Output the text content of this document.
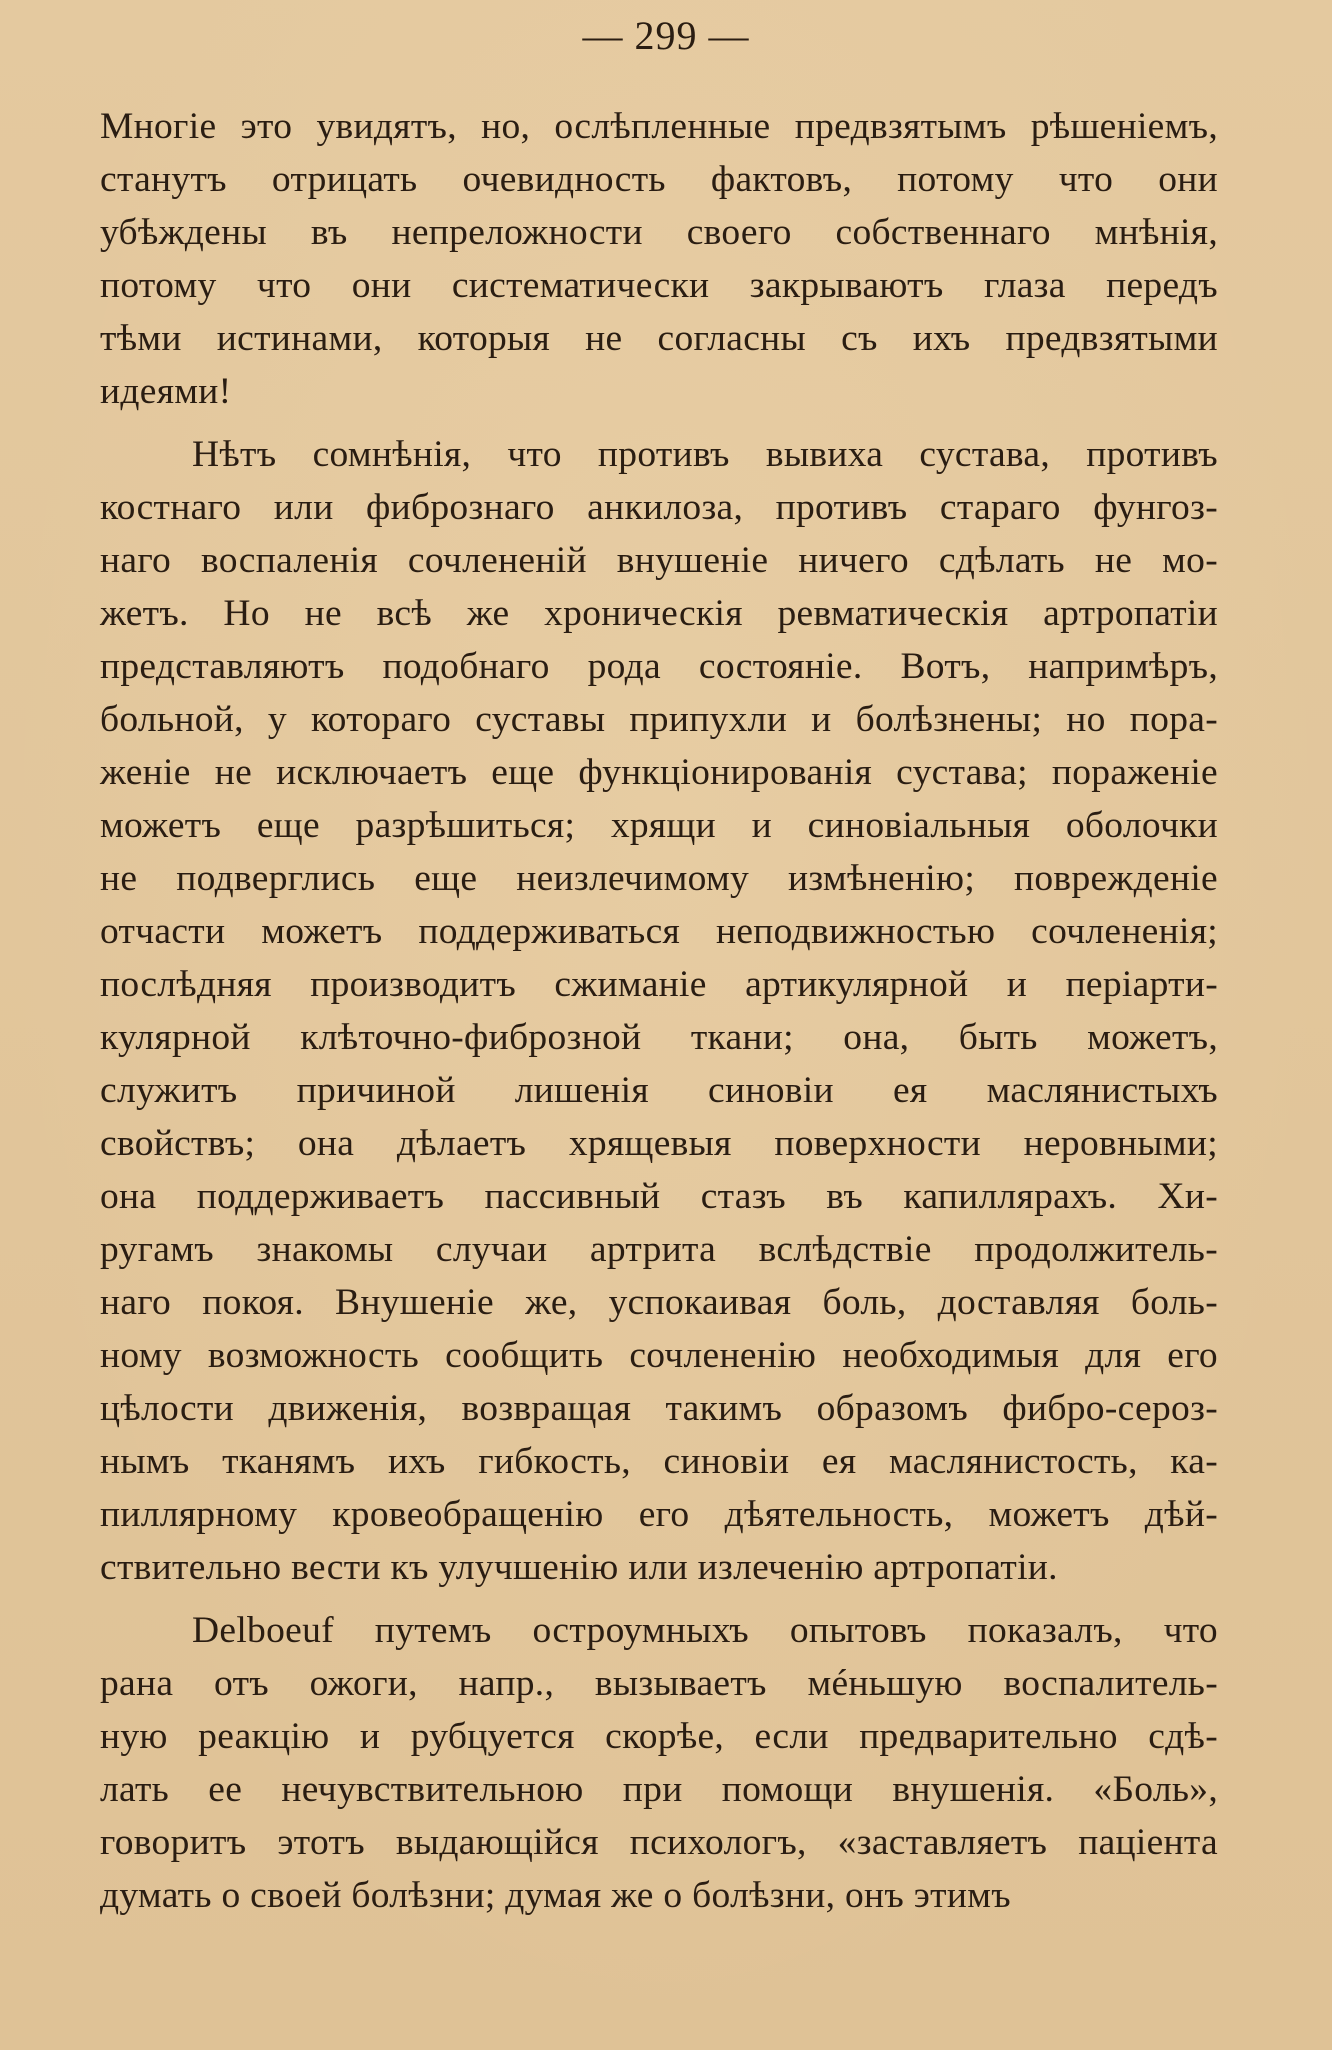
— 299 —
Многіе это увидятъ, но, ослѣпленные предвзятымъ рѣшеніемъ,
станутъ отрицать очевидность фактовъ, потому что они
убѣждены въ непреложности своего собственнаго мнѣнія,
потому что они систематически закрываютъ глаза передъ
тѣми истинами, которыя не согласны съ ихъ предвзятыми
идеями!
Нѣтъ сомнѣнія, что противъ вывиха сустава, противъ
костнаго или фибрознаго анкилоза, противъ стараго фунгоз-
наго воспаленія сочлененій внушеніе ничего сдѣлать не мо-
жетъ. Но не всѣ же хроническія ревматическія артропатіи
представляютъ подобнаго рода состояніе. Вотъ, напримѣръ,
больной, у котораго суставы припухли и болѣзнены; но пора-
женіе не исключаетъ еще функціонированія сустава; пораженіе
можетъ еще разрѣшиться; хрящи и синовіальныя оболочки
не подверглись еще неизлечимому измѣненію; поврежденіе
отчасти можетъ поддерживаться неподвижностью сочлененія;
послѣдняя производитъ сжиманіе артикулярной и періарти-
кулярной клѣточно-фиброзной ткани; она, быть можетъ,
служитъ причиной лишенія синовіи ея маслянистыхъ
свойствъ; она дѣлаетъ хрящевыя поверхности неровными;
она поддерживаетъ пассивный стазъ въ капиллярахъ. Хи-
ругамъ знакомы случаи артрита вслѣдствіе продолжитель-
наго покоя. Внушеніе же, успокаивая боль, доставляя боль-
ному возможность сообщить сочлененію необходимыя для его
цѣлости движенія, возвращая такимъ образомъ фибро-сероз-
нымъ тканямъ ихъ гибкость, синовіи ея маслянистость, ка-
пиллярному кровеобращенію его дѣятельность, можетъ дѣй-
ствительно вести къ улучшенію или излеченію артропатіи.
Delboeuf путемъ остроумныхъ опытовъ показалъ, что
рана отъ ожоги, напр., вызываетъ мéньшую воспалитель-
ную реакцію и рубцуется скорѣе, если предварительно сдѣ-
лать ее нечувствительною при помощи внушенія. «Боль»,
говоритъ этотъ выдающійся психологъ, «заставляетъ паціента
думать о своей болѣзни; думая же о болѣзни, онъ этимъ
